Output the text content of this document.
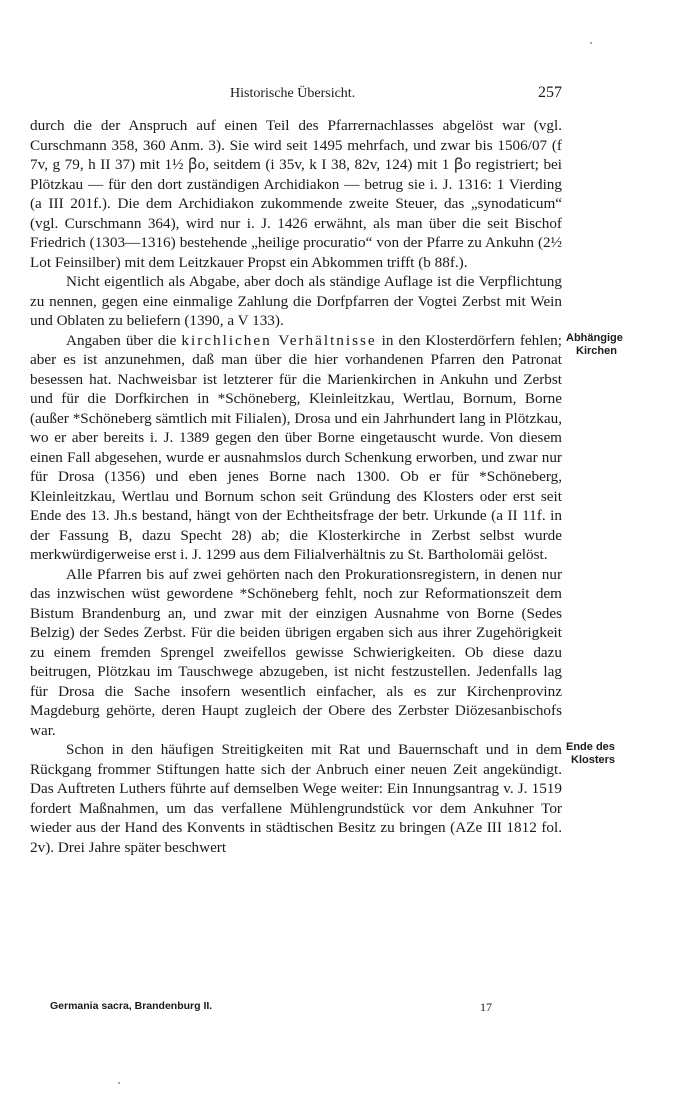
Historische Übersicht.	257

durch die der Anspruch auf einen Teil des Pfarrernachlasses abgelöst war (vgl. Curschmann 358, 360 Anm. 3). Sie wird seit 1495 mehrfach, und zwar bis 1506/07 (f 7v, g 79, h II 37) mit 1½ ꞵo, seitdem (i 35v, k I 38, 82v, 124) mit 1 ꞵo registriert; bei Plötzkau — für den dort zuständigen Archidiakon — betrug sie i. J. 1316: 1 Vierding (a III 201f.). Die dem Archidiakon zukommende zweite Steuer, das „synodaticum“ (vgl. Curschmann 364), wird nur i. J. 1426 erwähnt, als man über die seit Bischof Friedrich (1303—1316) bestehende „heilige procuratio“ von der Pfarre zu Ankuhn (2½ Lot Feinsilber) mit dem Leitzkauer Propst ein Abkommen trifft (b 88f.).

Nicht eigentlich als Abgabe, aber doch als ständige Auflage ist die Verpflichtung zu nennen, gegen eine einmalige Zahlung die Dorfpfarren der Vogtei Zerbst mit Wein und Oblaten zu beliefern (1390, a V 133).

Angaben über die kirchlichen Verhältnisse in den Klosterdörfern fehlen; aber es ist anzunehmen, daß man über die hier vorhandenen Pfarren den Patronat besessen hat. Nachweisbar ist letzterer für die Marienkirchen in Ankuhn und Zerbst und für die Dorfkirchen in *Schöneberg, Kleinleitzkau, Wertlau, Bornum, Borne (außer *Schöneberg sämtlich mit Filialen), Drosa und ein Jahrhundert lang in Plötzkau, wo er aber bereits i. J. 1389 gegen den über Borne eingetauscht wurde. Von diesem einen Fall abgesehen, wurde er ausnahmslos durch Schenkung erworben, und zwar nur für Drosa (1356) und eben jenes Borne nach 1300. Ob er für *Schöneberg, Kleinleitzkau, Wertlau und Bornum schon seit Gründung des Klosters oder erst seit Ende des 13. Jh.s bestand, hängt von der Echtheitsfrage der betr. Urkunde (a II 11f. in der Fassung B, dazu Specht 28) ab; die Klosterkirche in Zerbst selbst wurde merkwürdigerweise erst i. J. 1299 aus dem Filialverhältnis zu St. Bartholomäi gelöst.

Alle Pfarren bis auf zwei gehörten nach den Prokurationsregistern, in denen nur das inzwischen wüst gewordene *Schöneberg fehlt, noch zur Reformationszeit dem Bistum Brandenburg an, und zwar mit der einzigen Ausnahme von Borne (Sedes Belzig) der Sedes Zerbst. Für die beiden übrigen ergaben sich aus ihrer Zugehörigkeit zu einem fremden Sprengel zweifellos gewisse Schwierigkeiten. Ob diese dazu beitrugen, Plötzkau im Tauschwege abzugeben, ist nicht festzustellen. Jedenfalls lag für Drosa die Sache insofern wesentlich einfacher, als es zur Kirchenprovinz Magdeburg gehörte, deren Haupt zugleich der Obere des Zerbster Diözesanbischofs war.

Schon in den häufigen Streitigkeiten mit Rat und Bauernschaft und in dem Rückgang frommer Stiftungen hatte sich der Anbruch einer neuen Zeit angekündigt. Das Auftreten Luthers führte auf demselben Wege weiter: Ein Innungsantrag v. J. 1519 fordert Maßnahmen, um das verfallene Mühlengrundstück vor dem Ankuhner Tor wieder aus der Hand des Konvents in städtischen Besitz zu bringen (AZe III 1812 fol. 2v). Drei Jahre später beschwert

Abhängige
Kirchen
Ende des
Klosters
Germania sacra, Brandenburg II.	17
